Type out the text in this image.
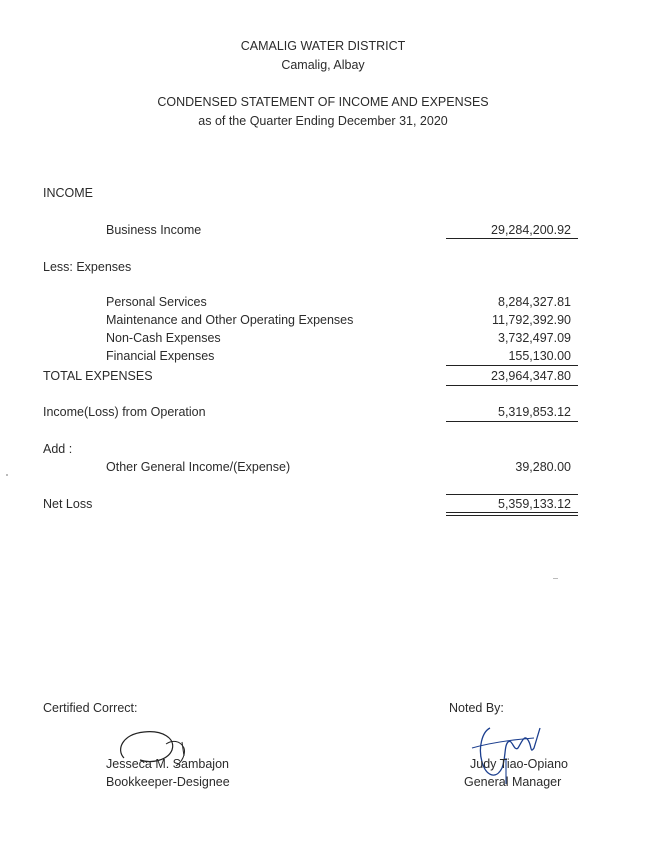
CAMALIG WATER DISTRICT
Camalig, Albay
CONDENSED STATEMENT OF INCOME AND EXPENSES
as of the Quarter Ending December 31, 2020
INCOME
Business Income	29,284,200.92
Less: Expenses
Personal Services	8,284,327.81
Maintenance and Other Operating Expenses	11,792,392.90
Non-Cash Expenses	3,732,497.09
Financial Expenses	155,130.00
TOTAL EXPENSES	23,964,347.80
Income(Loss) from Operation	5,319,853.12
Add :
Other General Income/(Expense)	39,280.00
Net Loss	5,359,133.12
Certified Correct:	Noted By:
Jesseca M. Sambajon
Bookkeeper-Designee
Judy Tiao-Opiano
General Manager
